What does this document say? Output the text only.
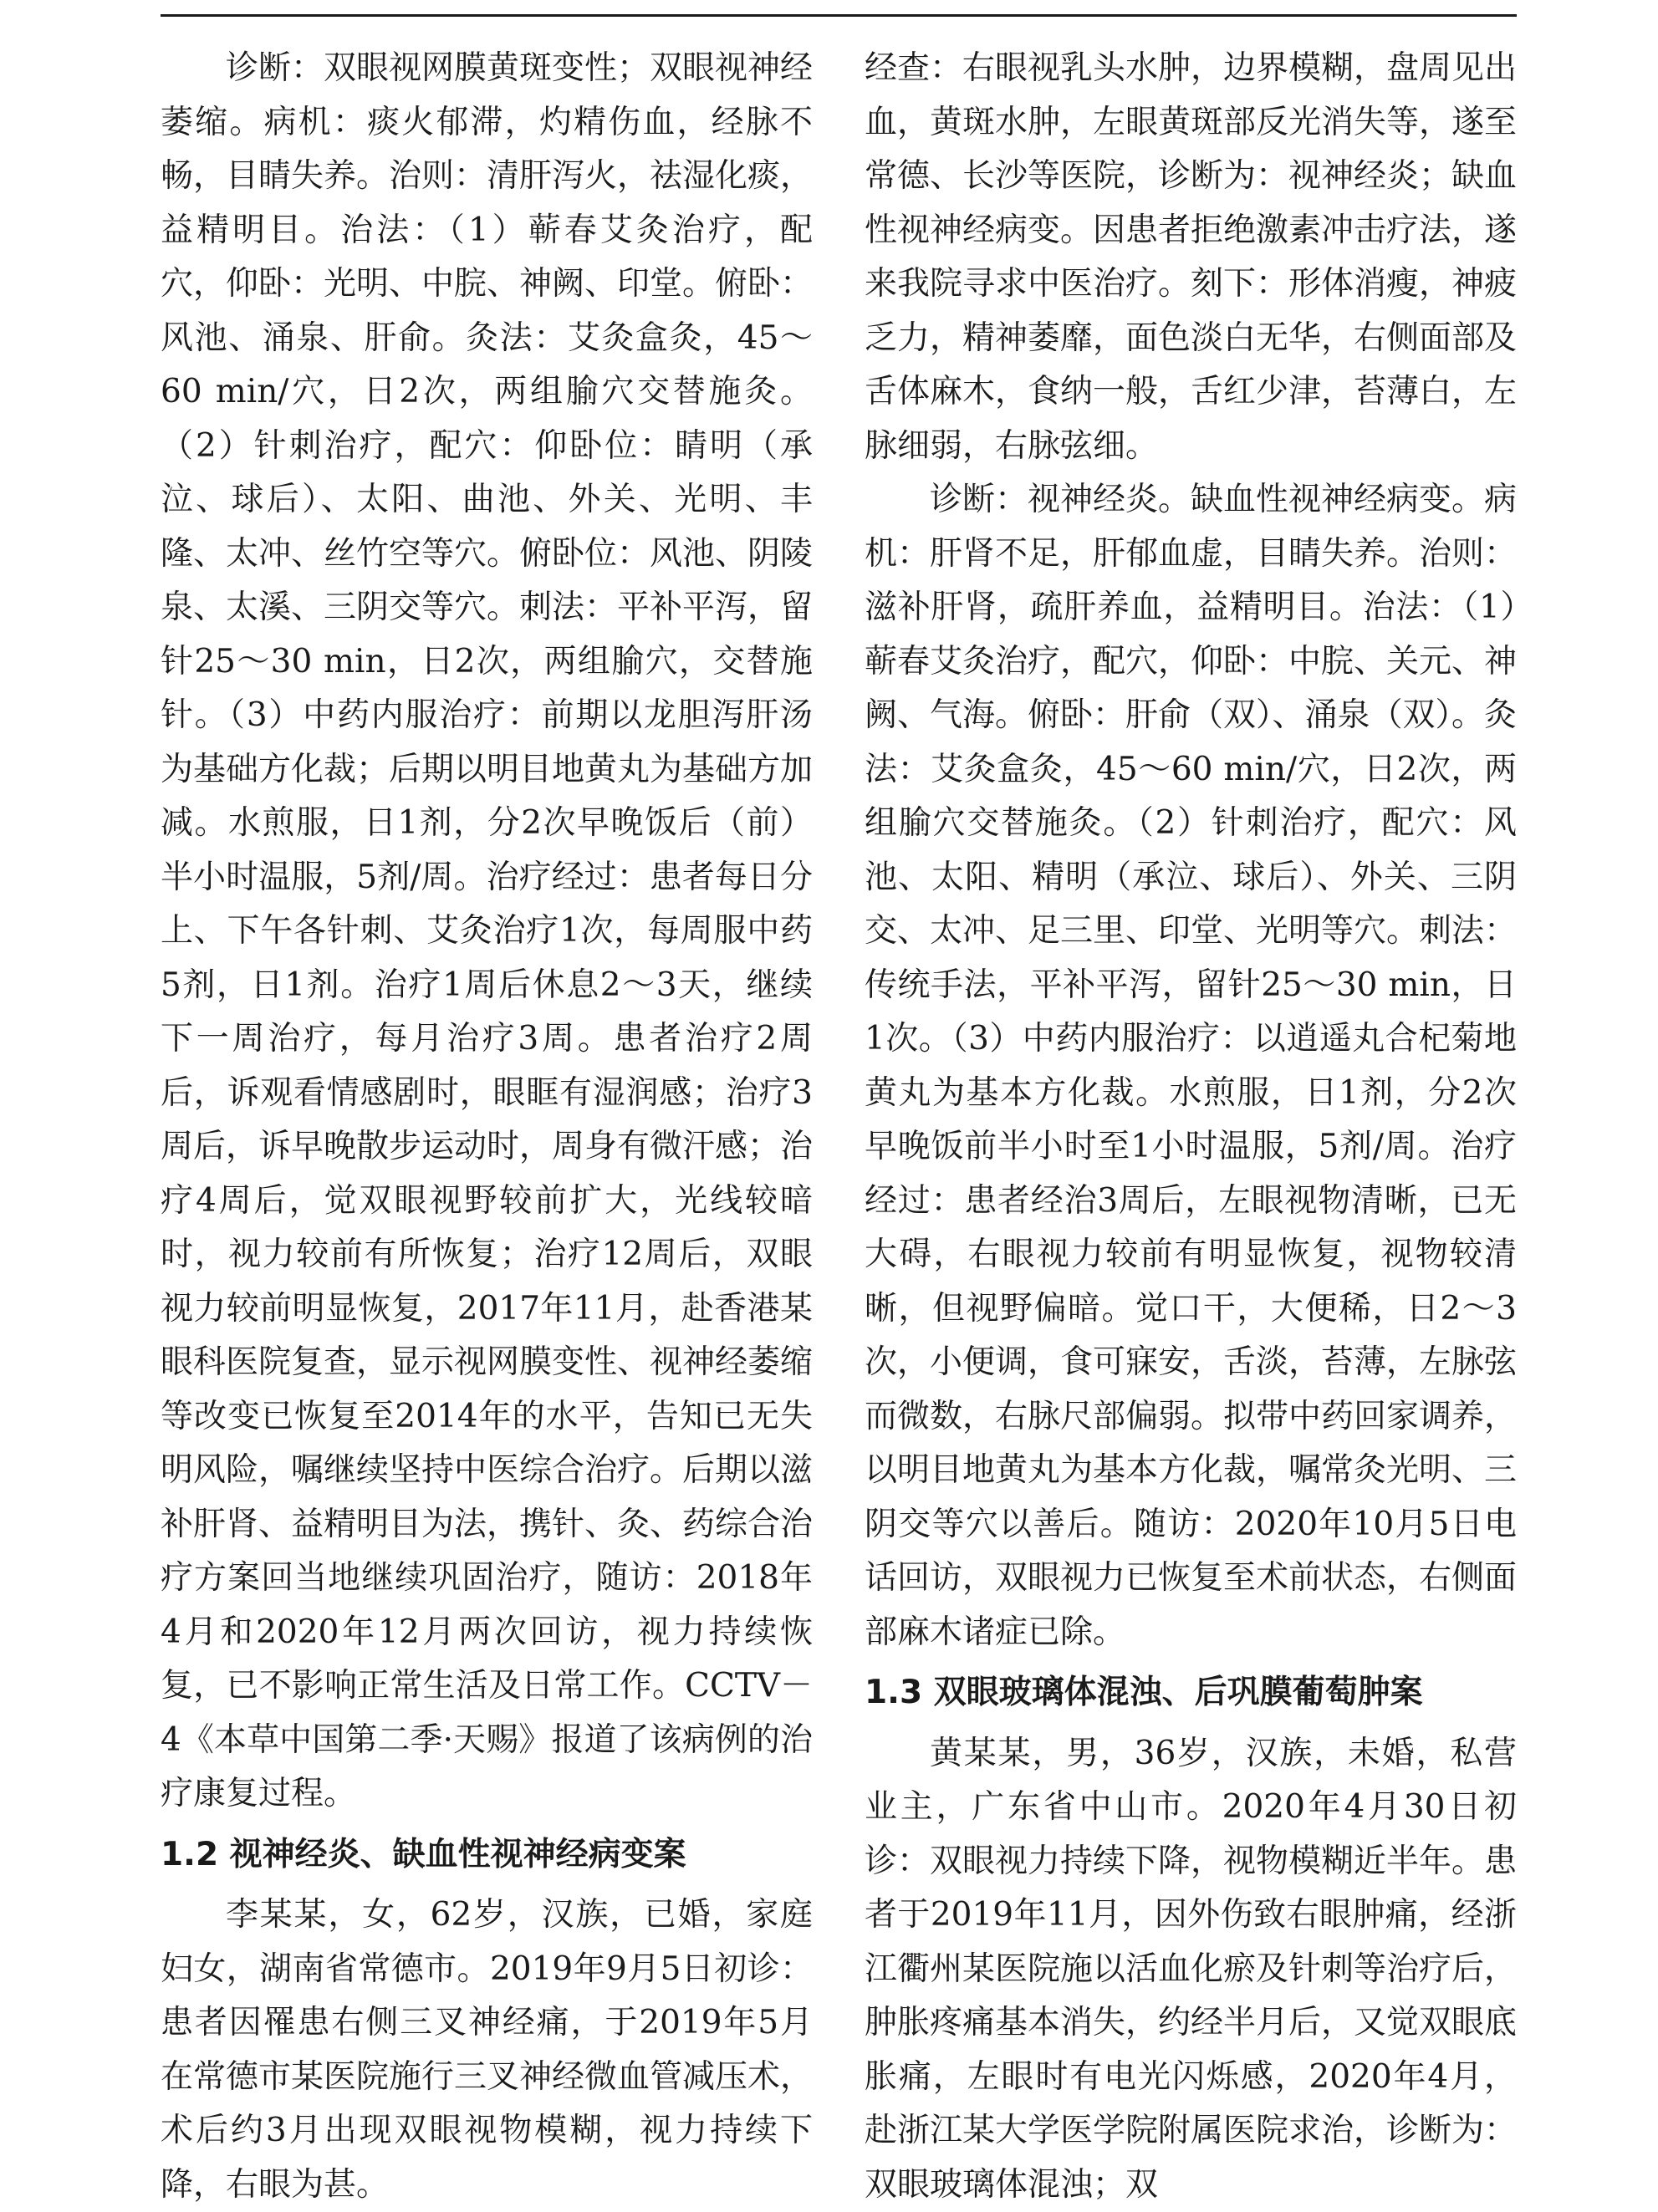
诊断：双眼视网膜黄斑变性；双眼视神经萎缩。病机：痰火郁滞，灼精伤血，经脉不畅，目睛失养。治则：清肝泻火，祛湿化痰，益精明目。治法：（1）蕲春艾灸治疗，配穴，仰卧：光明、中脘、神阙、印堂。俯卧：风池、涌泉、肝俞。灸法：艾灸盒灸，45～60 min/穴，日2次，两组腧穴交替施灸。（2）针刺治疗，配穴：仰卧位：睛明（承泣、球后）、太阳、曲池、外关、光明、丰隆、太冲、丝竹空等穴。俯卧位：风池、阴陵泉、太溪、三阴交等穴。刺法：平补平泻，留针25～30 min，日2次，两组腧穴，交替施针。（3）中药内服治疗：前期以龙胆泻肝汤为基础方化裁；后期以明目地黄丸为基础方加减。水煎服，日1剂，分2次早晚饭后（前）半小时温服，5剂/周。治疗经过：患者每日分上、下午各针刺、艾灸治疗1次，每周服中药5剂，日1剂。治疗1周后休息2～3天，继续下一周治疗，每月治疗3周。患者治疗2周后，诉观看情感剧时，眼眶有湿润感；治疗3周后，诉早晚散步运动时，周身有微汗感；治疗4周后，觉双眼视野较前扩大，光线较暗时，视力较前有所恢复；治疗12周后，双眼视力较前明显恢复，2017年11月，赴香港某眼科医院复查，显示视网膜变性、视神经萎缩等改变已恢复至2014年的水平，告知已无失明风险，嘱继续坚持中医综合治疗。后期以滋补肝肾、益精明目为法，携针、灸、药综合治疗方案回当地继续巩固治疗，随访：2018年4月和2020年12月两次回访，视力持续恢复，已不影响正常生活及日常工作。CCTV－4《本草中国第二季·天赐》报道了该病例的治疗康复过程。

1.2 视神经炎、缺血性视神经病变案

李某某，女，62岁，汉族，已婚，家庭妇女，湖南省常德市。2019年9月5日初诊：患者因罹患右侧三叉神经痛，于2019年5月在常德市某医院施行三叉神经微血管减压术，术后约3月出现双眼视物模糊，视力持续下降，右眼为甚。

经查：右眼视乳头水肿，边界模糊，盘周见出血，黄斑水肿，左眼黄斑部反光消失等，遂至常德、长沙等医院，诊断为：视神经炎；缺血性视神经病变。因患者拒绝激素冲击疗法，遂来我院寻求中医治疗。刻下：形体消瘦，神疲乏力，精神萎靡，面色淡白无华，右侧面部及舌体麻木，食纳一般，舌红少津，苔薄白，左脉细弱，右脉弦细。

诊断：视神经炎。缺血性视神经病变。病机：肝肾不足，肝郁血虚，目睛失养。治则：滋补肝肾，疏肝养血，益精明目。治法：（1）蕲春艾灸治疗，配穴，仰卧：中脘、关元、神阙、气海。俯卧：肝俞（双）、涌泉（双）。灸法：艾灸盒灸，45～60 min/穴，日2次，两组腧穴交替施灸。（2）针刺治疗，配穴：风池、太阳、精明（承泣、球后）、外关、三阴交、太冲、足三里、印堂、光明等穴。刺法：传统手法，平补平泻，留针25～30 min，日1次。（3）中药内服治疗：以逍遥丸合杞菊地黄丸为基本方化裁。水煎服，日1剂，分2次早晚饭前半小时至1小时温服，5剂/周。治疗经过：患者经治3周后，左眼视物清晰，已无大碍，右眼视力较前有明显恢复，视物较清晰，但视野偏暗。觉口干，大便稀，日2～3次，小便调，食可寐安，舌淡，苔薄，左脉弦而微数，右脉尺部偏弱。拟带中药回家调养，以明目地黄丸为基本方化裁，嘱常灸光明、三阴交等穴以善后。随访：2020年10月5日电话回访，双眼视力已恢复至术前状态，右侧面部麻木诸症已除。

1.3 双眼玻璃体混浊、后巩膜葡萄肿案

黄某某，男，36岁，汉族，未婚，私营业主，广东省中山市。2020年4月30日初诊：双眼视力持续下降，视物模糊近半年。患者于2019年11月，因外伤致右眼肿痛，经浙江衢州某医院施以活血化瘀及针刺等治疗后，肿胀疼痛基本消失，约经半月后，又觉双眼底胀痛，左眼时有电光闪烁感，2020年4月，赴浙江某大学医学院附属医院求治，诊断为：双眼玻璃体混浊；双
